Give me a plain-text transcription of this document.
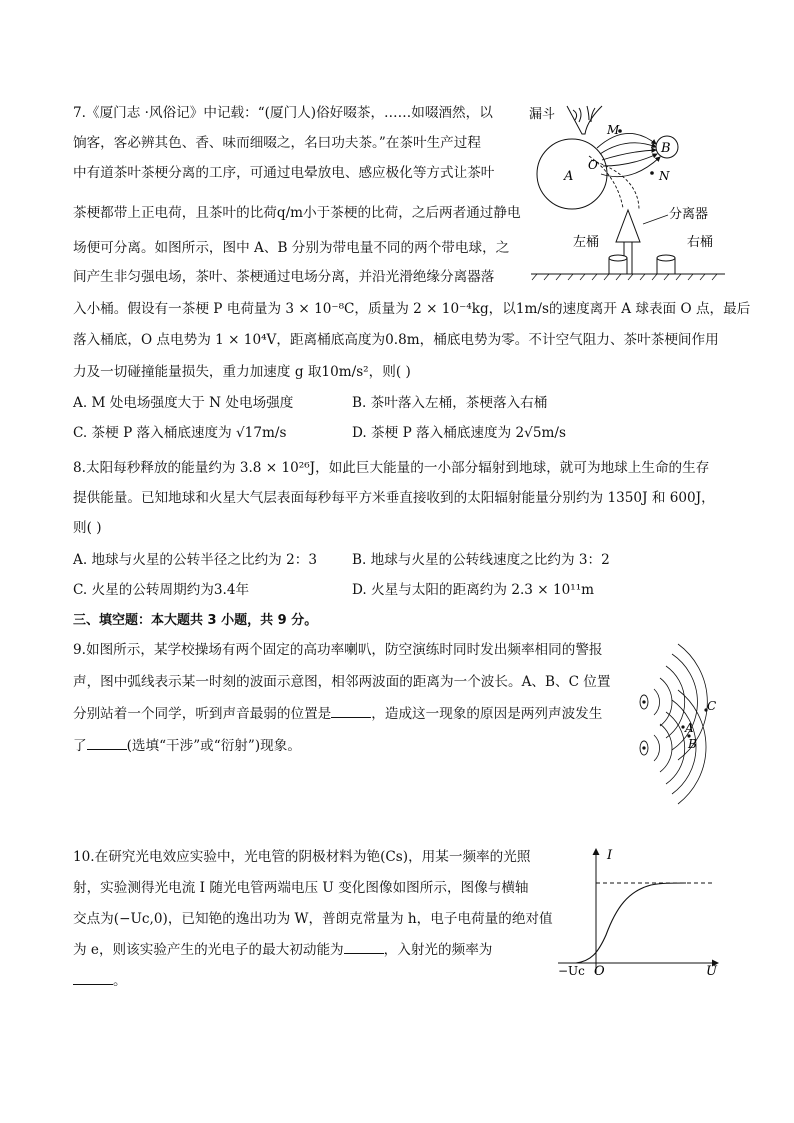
7.《厦门志 ·风俗记》中记载：“(厦门人)俗好啜茶，……如啜酒然，以
饷客，客必辨其色、香、味而细啜之，名曰功夫茶。”在茶叶生产过程
中有道茶叶茶梗分离的工序，可通过电晕放电、感应极化等方式让茶叶
茶梗都带上正电荷，且茶叶的比荷q/m小于茶梗的比荷，之后两者通过静电
场便可分离。如图所示，图中 A、B 分别为带电量不同的两个带电球，之
间产生非匀强电场，茶叶、茶梗通过电场分离，并沿光滑绝缘分离器落
入小桶。假设有一茶梗 P 电荷量为 3 × 10⁻⁸C，质量为 2 × 10⁻⁴kg，以1m/s的速度离开 A 球表面 O 点，最后
落入桶底，O 点电势为 1 × 10⁴V，距离桶底高度为0.8m，桶底电势为零。不计空气阻力、茶叶茶梗间作用
力及一切碰撞能量损失，重力加速度 g 取10m/s²，则( )
A. M 处电场强度大于 N 处电场强度	B. 茶叶落入左桶，茶梗落入右桶
C. 茶梗 P 落入桶底速度为 √17m/s	D. 茶梗 P 落入桶底速度为 2√5m/s
漏斗
A
B
M
N
O
分离器
左桶	右桶
8.太阳每秒释放的能量约为 3.8 × 10²⁶J，如此巨大能量的一小部分辐射到地球，就可为地球上生命的生存
提供能量。已知地球和火星大气层表面每秒每平方米垂直接收到的太阳辐射能量分别约为 1350J 和 600J，
则( )
A. 地球与火星的公转半径之比约为 2：3	B. 地球与火星的公转线速度之比约为 3：2
C. 火星的公转周期约为3.4年	D. 火星与太阳的距离约为 2.3 × 10¹¹m
三、填空题：本大题共 3 小题，共 9 分。
9.如图所示，某学校操场有两个固定的高功率喇叭，防空演练时同时发出频率相同的警报
声，图中弧线表示某一时刻的波面示意图，相邻两波面的距离为一个波长。A、B、C 位置
分别站着一个同学，听到声音最弱的位置是	，造成这一现象的原因是两列声波发生
了	(选填“干涉”或“衍射”)现象。
A
B
C
10.在研究光电效应实验中，光电管的阴极材料为铯(Cs)，用某一频率的光照
射，实验测得光电流 I 随光电管两端电压 U 变化图像如图所示，图像与横轴
交点为(−Uc,0)，已知铯的逸出功为 W，普朗克常量为 h，电子电荷量的绝对值
为 e，则该实验产生的光电子的最大初动能为	，入射光的频率为
。
I
U
O
−Uc
